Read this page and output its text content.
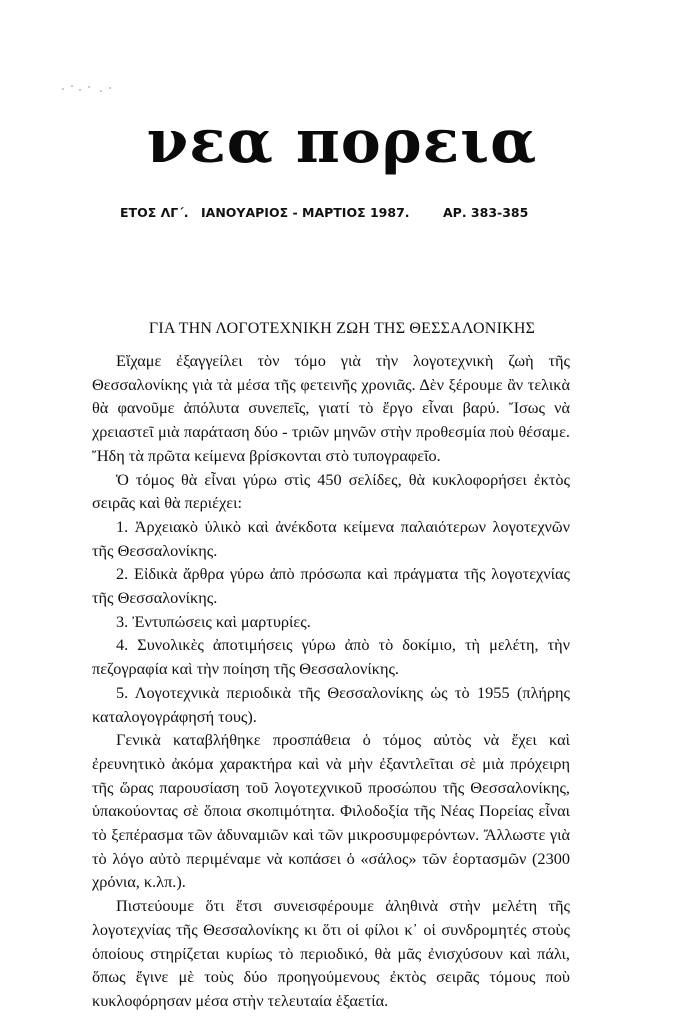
νεα πορεια
ΕΤΟΣ ΛΓ΄. ΙΑΝΟΥΑΡΙΟΣ - ΜΑΡΤΙΟΣ 1987.	ΑΡ. 383-385
ΓΙΑ ΤΗΝ ΛΟΓΟΤΕΧΝΙΚΗ ΖΩΗ ΤΗΣ ΘΕΣΣΑΛΟΝΙΚΗΣ

Εἴχαμε ἐξαγγείλει τὸν τόμο γιὰ τὴν λογοτεχνικὴ ζωὴ τῆς Θεσσαλονίκης γιὰ τὰ μέσα τῆς φετεινῆς χρονιᾶς. Δὲν ξέρουμε ἂν τελικὰ θὰ φανοῦμε ἀπόλυτα συνεπεῖς, γιατί τὸ ἔργο εἶναι βαρύ. Ἴσως νὰ χρειαστεῖ μιὰ παράταση δύο - τριῶν μηνῶν στὴν προθεσμία ποὺ θέσαμε. Ἤδη τὰ πρῶτα κείμενα βρίσκονται στὸ τυπογραφεῖο.

Ὁ τόμος θὰ εἶναι γύρω στὶς 450 σελίδες, θὰ κυκλοφορήσει ἐκτὸς σειρᾶς καὶ θὰ περιέχει:

1. Ἀρχειακὸ ὑλικὸ καὶ ἀνέκδοτα κείμενα παλαιότερων λογοτεχνῶν τῆς Θεσσαλονίκης.

2. Εἰδικὰ ἄρθρα γύρω ἀπὸ πρόσωπα καὶ πράγματα τῆς λογοτεχνίας τῆς Θεσσαλονίκης.

3. Ἐντυπώσεις καὶ μαρτυρίες.

4. Συνολικὲς ἀποτιμήσεις γύρω ἀπὸ τὸ δοκίμιο, τὴ μελέτη, τὴν πεζογραφία καὶ τὴν ποίηση τῆς Θεσσαλονίκης.

5. Λογοτεχνικὰ περιοδικὰ τῆς Θεσσαλονίκης ὡς τὸ 1955 (πλήρης καταλογογράφησή τους).

Γενικὰ καταβλήθηκε προσπάθεια ὁ τόμος αὐτὸς νὰ ἔχει καὶ ἐρευνητικὸ ἀκόμα χαρακτήρα καὶ νὰ μὴν ἐξαντλεῖται σὲ μιὰ πρόχειρη τῆς ὥρας παρουσίαση τοῦ λογοτεχνικοῦ προσώπου τῆς Θεσσαλονίκης, ὑπακούοντας σὲ ὅποια σκοπιμότητα. Φιλοδοξία τῆς Νέας Πορείας εἶναι τὸ ξεπέρασμα τῶν ἀδυναμιῶν καὶ τῶν μικροσυμφερόντων. Ἄλλωστε γιὰ τὸ λόγο αὐτὸ περιμέναμε νὰ κοπάσει ὁ «σάλος» τῶν ἑορτασμῶν (2300 χρόνια, κ.λπ.).

Πιστεύουμε ὅτι ἔτσι συνεισφέρουμε ἀληθινὰ στὴν μελέτη τῆς λογοτεχνίας τῆς Θεσσαλονίκης κι ὅτι οἱ φίλοι κ᾽ οἱ συνδρομητές στοὺς ὁποίους στηρίζεται κυρίως τὸ περιοδικό, θὰ μᾶς ἐνισχύσουν καὶ πάλι, ὅπως ἔγινε μὲ τοὺς δύο προηγούμενους ἐκτὸς σειρᾶς τόμους ποὺ κυκλοφόρησαν μέσα στὴν τελευταία ἑξαετία.
